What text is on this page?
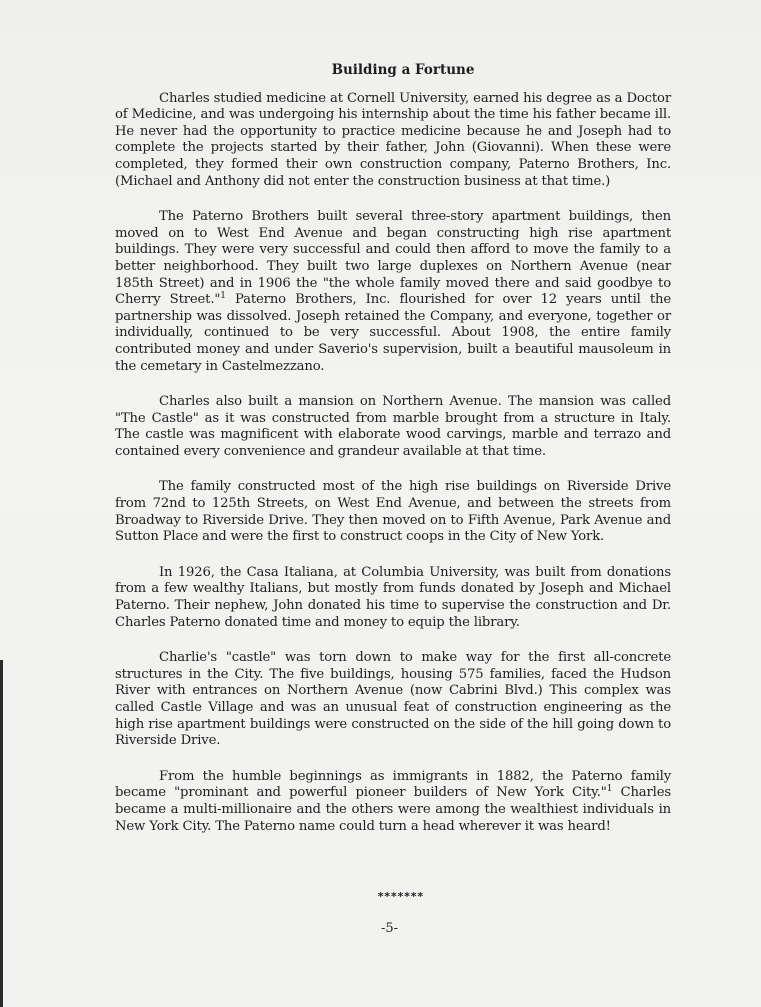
Building a Fortune

Charles studied medicine at Cornell University, earned his degree as a Doctor of Medicine, and was undergoing his internship about the time his father became ill. He never had the opportunity to practice medicine because he and Joseph had to complete the projects started by their father, John (Giovanni). When these were completed, they formed their own construction company, Paterno Brothers, Inc. (Michael and Anthony did not enter the construction business at that time.)

The Paterno Brothers built several three-story apartment buildings, then moved on to West End Avenue and began constructing high rise apartment buildings. They were very successful and could then afford to move the family to a better neighborhood. They built two large duplexes on Northern Avenue (near 185th Street) and in 1906 the "the whole family moved there and said goodbye to Cherry Street."$^1$ Paterno Brothers, Inc. flourished for over 12 years until the partnership was dissolved. Joseph retained the Company, and everyone, together or individually, continued to be very successful. About 1908, the entire family contributed money and under Saverio's supervision, built a beautiful mausoleum in the cemetary in Castelmezzano.

Charles also built a mansion on Northern Avenue. The mansion was called "The Castle" as it was constructed from marble brought from a structure in Italy. The castle was magnificent with elaborate wood carvings, marble and terrazo and contained every convenience and grandeur available at that time.

The family constructed most of the high rise buildings on Riverside Drive from 72nd to 125th Streets, on West End Avenue, and between the streets from Broadway to Riverside Drive. They then moved on to Fifth Avenue, Park Avenue and Sutton Place and were the first to construct coops in the City of New York.

In 1926, the Casa Italiana, at Columbia University, was built from donations from a few wealthy Italians, but mostly from funds donated by Joseph and Michael Paterno. Their nephew, John donated his time to supervise the construction and Dr. Charles Paterno donated time and money to equip the library.

Charlie's "castle" was torn down to make way for the first all-concrete structures in the City. The five buildings, housing 575 families, faced the Hudson River with entrances on Northern Avenue (now Cabrini Blvd.) This complex was called Castle Village and was an unusual feat of construction engineering as the high rise apartment buildings were constructed on the side of the hill going down to Riverside Drive.

From the humble beginnings as immigrants in 1882, the Paterno family became "prominant and powerful pioneer builders of New York City."$^1$ Charles became a multi-millionaire and the others were among the wealthiest individuals in New York City. The Paterno name could turn a head wherever it was heard!

*******
-5-
